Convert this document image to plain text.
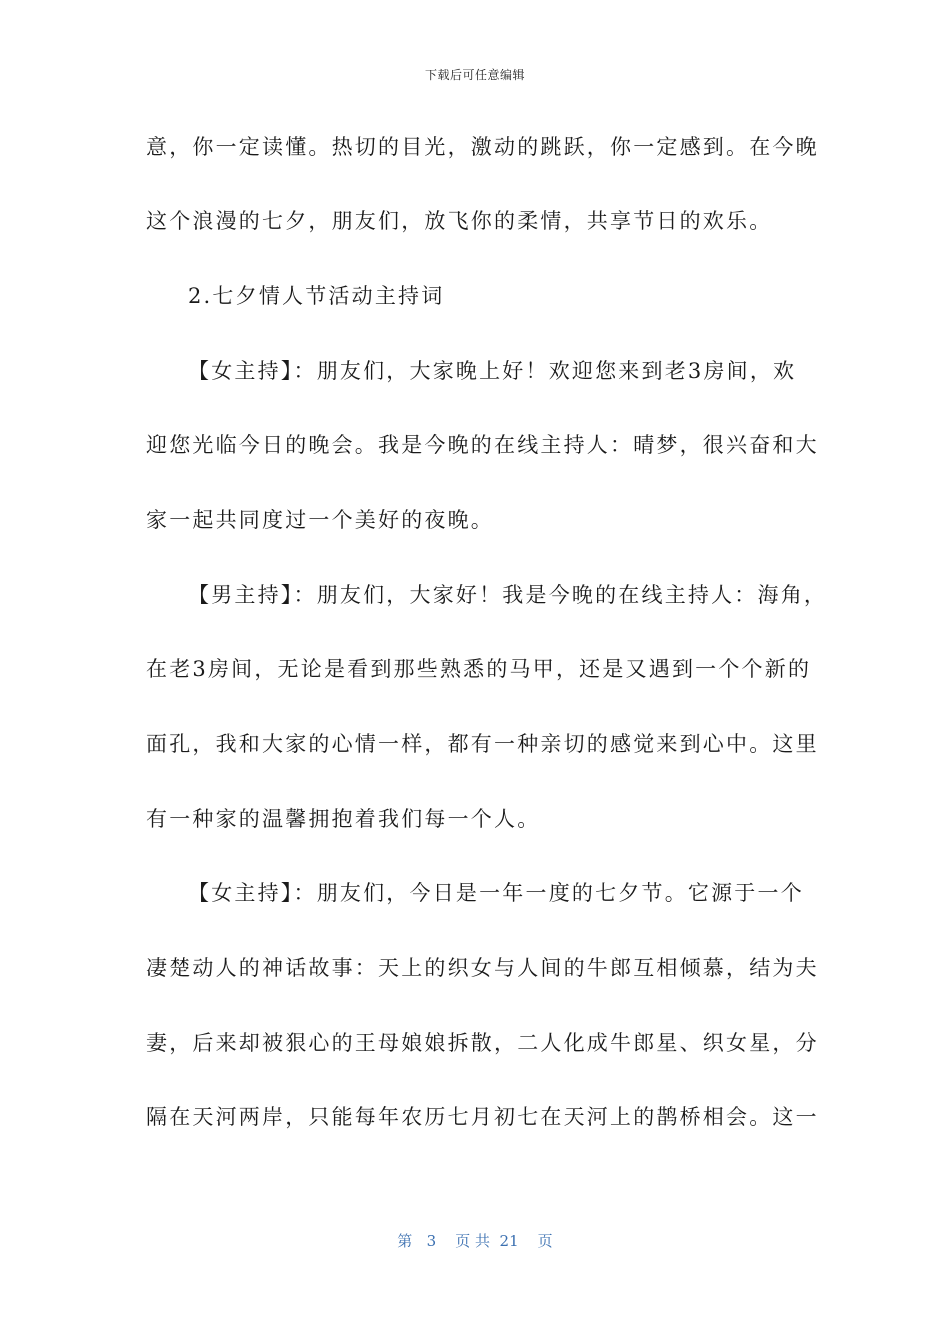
下载后可任意编辑
意，你一定读懂。热切的目光，激动的跳跃，你一定感到。在今晚
这个浪漫的七夕，朋友们，放飞你的柔情，共享节日的欢乐。
2.七夕情人节活动主持词
【女主持】：朋友们，大家晚上好！欢迎您来到老3房间，欢
迎您光临今日的晚会。我是今晚的在线主持人：晴梦，很兴奋和大
家一起共同度过一个美好的夜晚。
【男主持】：朋友们，大家好！我是今晚的在线主持人：海角，
在老3房间，无论是看到那些熟悉的马甲，还是又遇到一个个新的
面孔，我和大家的心情一样，都有一种亲切的感觉来到心中。这里
有一种家的温馨拥抱着我们每一个人。
【女主持】：朋友们，今日是一年一度的七夕节。它源于一个
凄楚动人的神话故事：天上的织女与人间的牛郎互相倾慕，结为夫
妻，后来却被狠心的王母娘娘拆散，二人化成牛郎星、织女星，分
隔在天河两岸，只能每年农历七月初七在天河上的鹊桥相会。这一
第   3    页 共  21    页
